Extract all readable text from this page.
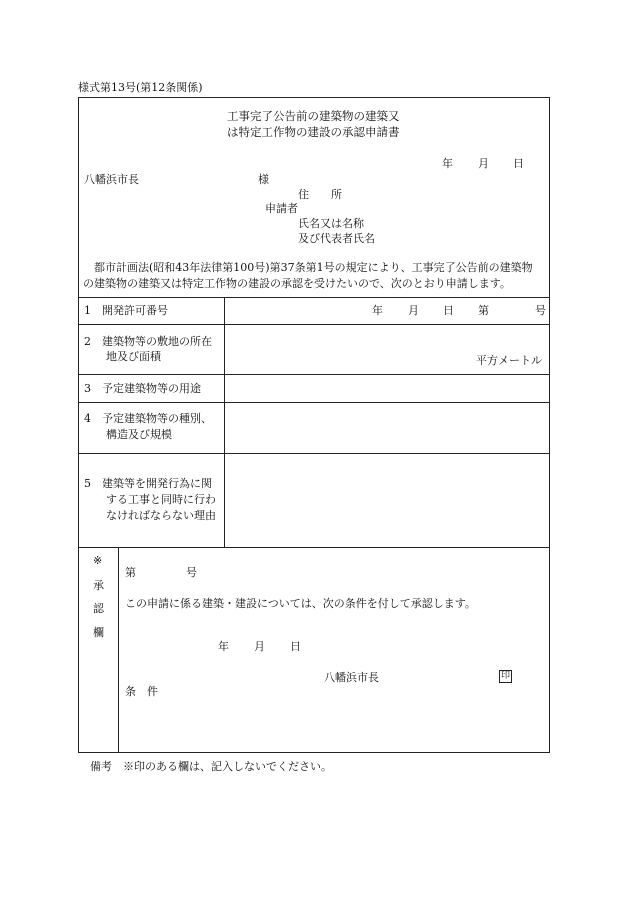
様式第13号(第12条関係)
工事完了公告前の建築物の建築又
は特定工作物の建設の承認申請書
年 月 日
八幡浜市長	様
住　　所
申請者
氏名又は名称
及び代表者氏名
都市計画法(昭和43年法律第100号)第37条第1号の規定により、工事完了公告前の建築物
の建築物の建築又は特定工作物の建設の承認を受けたいので、次のとおり申請します。
1　開発許可番号	年 月 日 第	号
2　建築物等の敷地の所在
　　地及び面積	平方メートル
3　予定建築物等の用途
4　予定建築物等の種別、
　　構造及び規模
5　建築等を開発行為に関
　　する工事と同時に行わ
　　なければならない理由
※
承
認
欄
第	号
この申請に係る建築・建設については、次の条件を付して承認します。
年 月 日
八幡浜市長	印
条　件
備考　※印のある欄は、記入しないでください。
